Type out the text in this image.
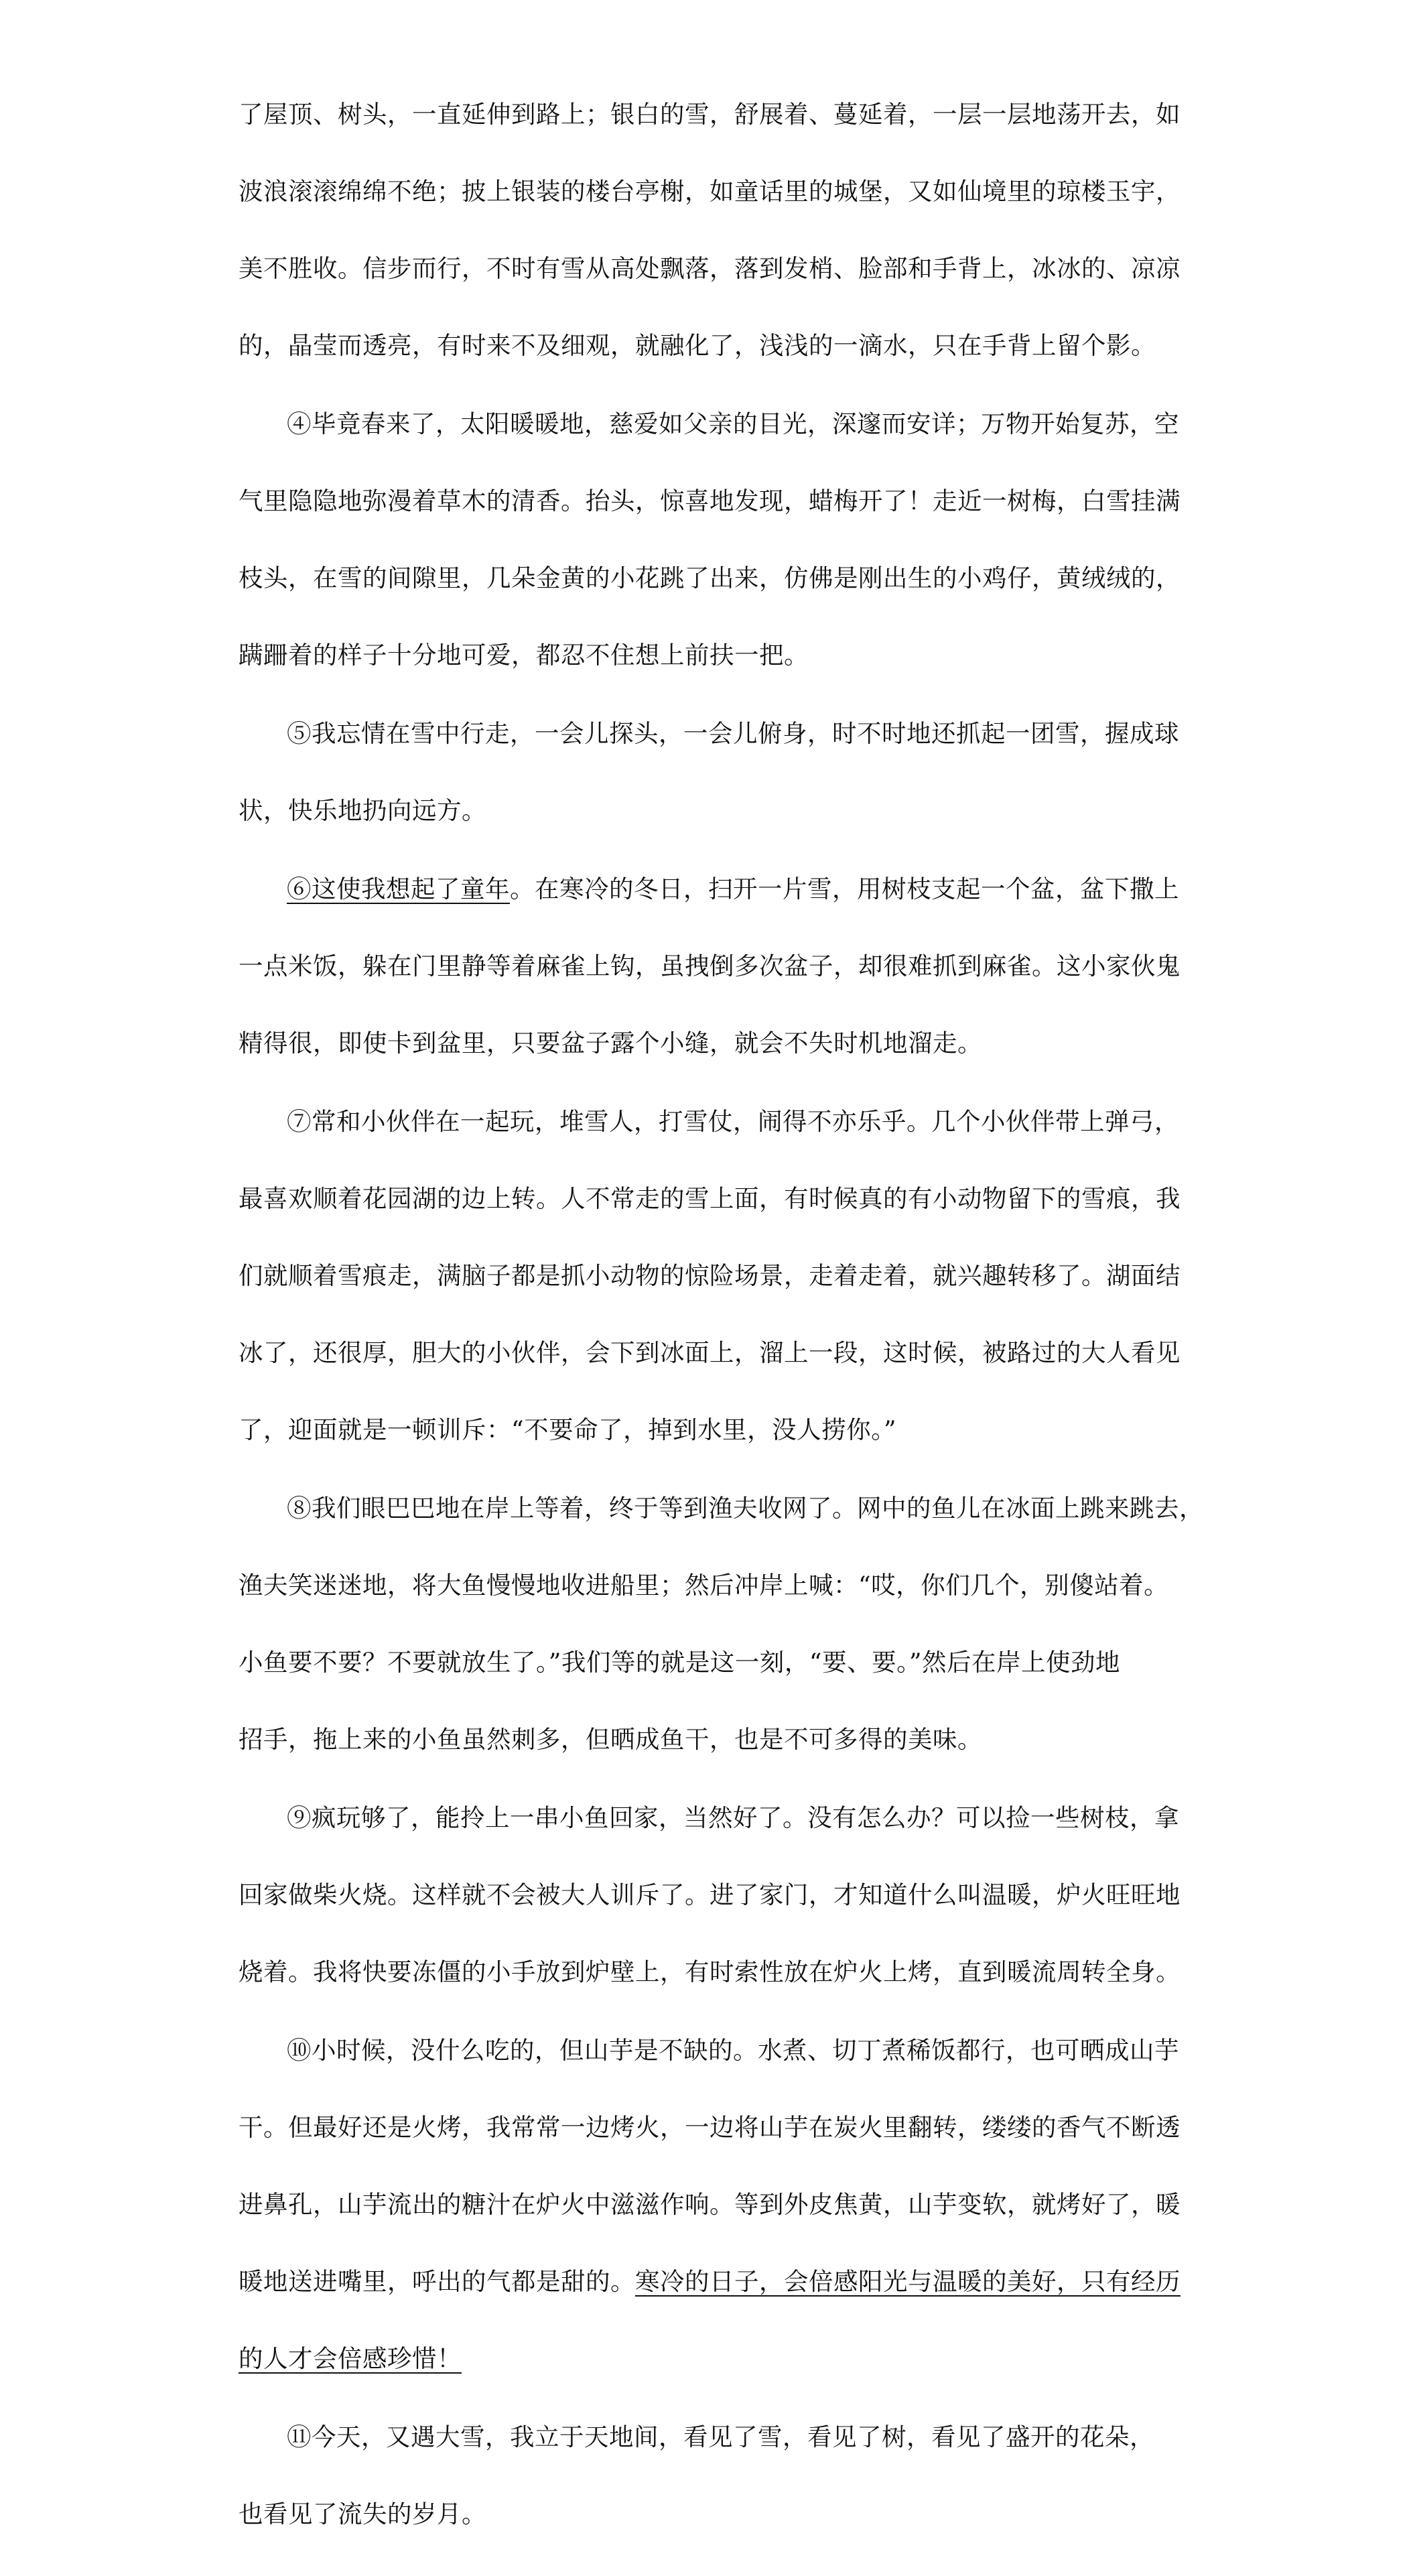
了屋顶、树头，一直延伸到路上；银白的雪，舒展着、蔓延着，一层一层地荡开去，如
波浪滚滚绵绵不绝；披上银装的楼台亭榭，如童话里的城堡，又如仙境里的琼楼玉宇，
美不胜收。信步而行，不时有雪从高处飘落，落到发梢、脸部和手背上，冰冰的、凉凉
的，晶莹而透亮，有时来不及细观，就融化了，浅浅的一滴水，只在手背上留个影。
④毕竟春来了，太阳暖暖地，慈爱如父亲的目光，深邃而安详；万物开始复苏，空
气里隐隐地弥漫着草木的清香。抬头，惊喜地发现，蜡梅开了！走近一树梅，白雪挂满
枝头，在雪的间隙里，几朵金黄的小花跳了出来，仿佛是刚出生的小鸡仔，黄绒绒的，
蹒跚着的样子十分地可爱，都忍不住想上前扶一把。
⑤我忘情在雪中行走，一会儿探头，一会儿俯身，时不时地还抓起一团雪，握成球
状，快乐地扔向远方。
⑥这使我想起了童年。在寒冷的冬日，扫开一片雪，用树枝支起一个盆，盆下撒上
一点米饭，躲在门里静等着麻雀上钩，虽拽倒多次盆子，却很难抓到麻雀。这小家伙鬼
精得很，即使卡到盆里，只要盆子露个小缝，就会不失时机地溜走。
⑦常和小伙伴在一起玩，堆雪人，打雪仗，闹得不亦乐乎。几个小伙伴带上弹弓，
最喜欢顺着花园湖的边上转。人不常走的雪上面，有时候真的有小动物留下的雪痕，我
们就顺着雪痕走，满脑子都是抓小动物的惊险场景，走着走着，就兴趣转移了。湖面结
冰了，还很厚，胆大的小伙伴，会下到冰面上，溜上一段，这时候，被路过的大人看见
了，迎面就是一顿训斥：“不要命了，掉到水里，没人捞你。”
⑧我们眼巴巴地在岸上等着，终于等到渔夫收网了。网中的鱼儿在冰面上跳来跳去，
渔夫笑迷迷地，将大鱼慢慢地收进船里；然后冲岸上喊：“哎，你们几个，别傻站着。
小鱼要不要？不要就放生了。”我们等的就是这一刻，“要、要。”然后在岸上使劲地
招手，拖上来的小鱼虽然刺多，但晒成鱼干，也是不可多得的美味。
⑨疯玩够了，能拎上一串小鱼回家，当然好了。没有怎么办？可以捡一些树枝，拿
回家做柴火烧。这样就不会被大人训斥了。进了家门，才知道什么叫温暖，炉火旺旺地
烧着。我将快要冻僵的小手放到炉壁上，有时索性放在炉火上烤，直到暖流周转全身。
⑩小时候，没什么吃的，但山芋是不缺的。水煮、切丁煮稀饭都行，也可晒成山芋
干。但最好还是火烤，我常常一边烤火，一边将山芋在炭火里翻转，缕缕的香气不断透
进鼻孔，山芋流出的糖汁在炉火中滋滋作响。等到外皮焦黄，山芋变软，就烤好了，暖
暖地送进嘴里，呼出的气都是甜的。寒冷的日子，会倍感阳光与温暖的美好，只有经历
的人才会倍感珍惜！
⑪今天，又遇大雪，我立于天地间，看见了雪，看见了树，看见了盛开的花朵，
也看见了流失的岁月。
